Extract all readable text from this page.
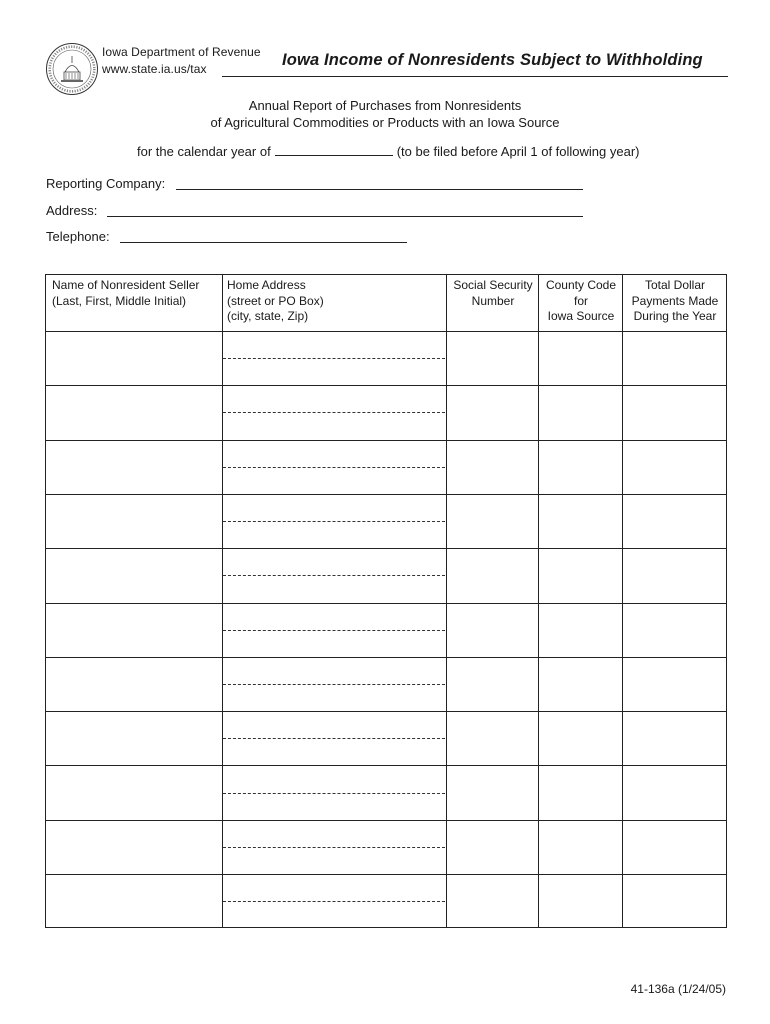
Iowa Department of Revenue
www.state.ia.us/tax	Iowa Income of Nonresidents Subject to Withholding
Annual Report of Purchases from Nonresidents
of Agricultural Commodities or Products with an Iowa Source
for the calendar year of	(to be filed before April 1 of following year)
Reporting Company:
Address:
Telephone:
Name of Nonresident Seller
(Last, First, Middle Initial)
Home Address
(street or PO Box)
(city, state, Zip)
Social Security
Number
County Code
for
Iowa Source
Total Dollar
Payments Made
During the Year
41-136a (1/24/05)
